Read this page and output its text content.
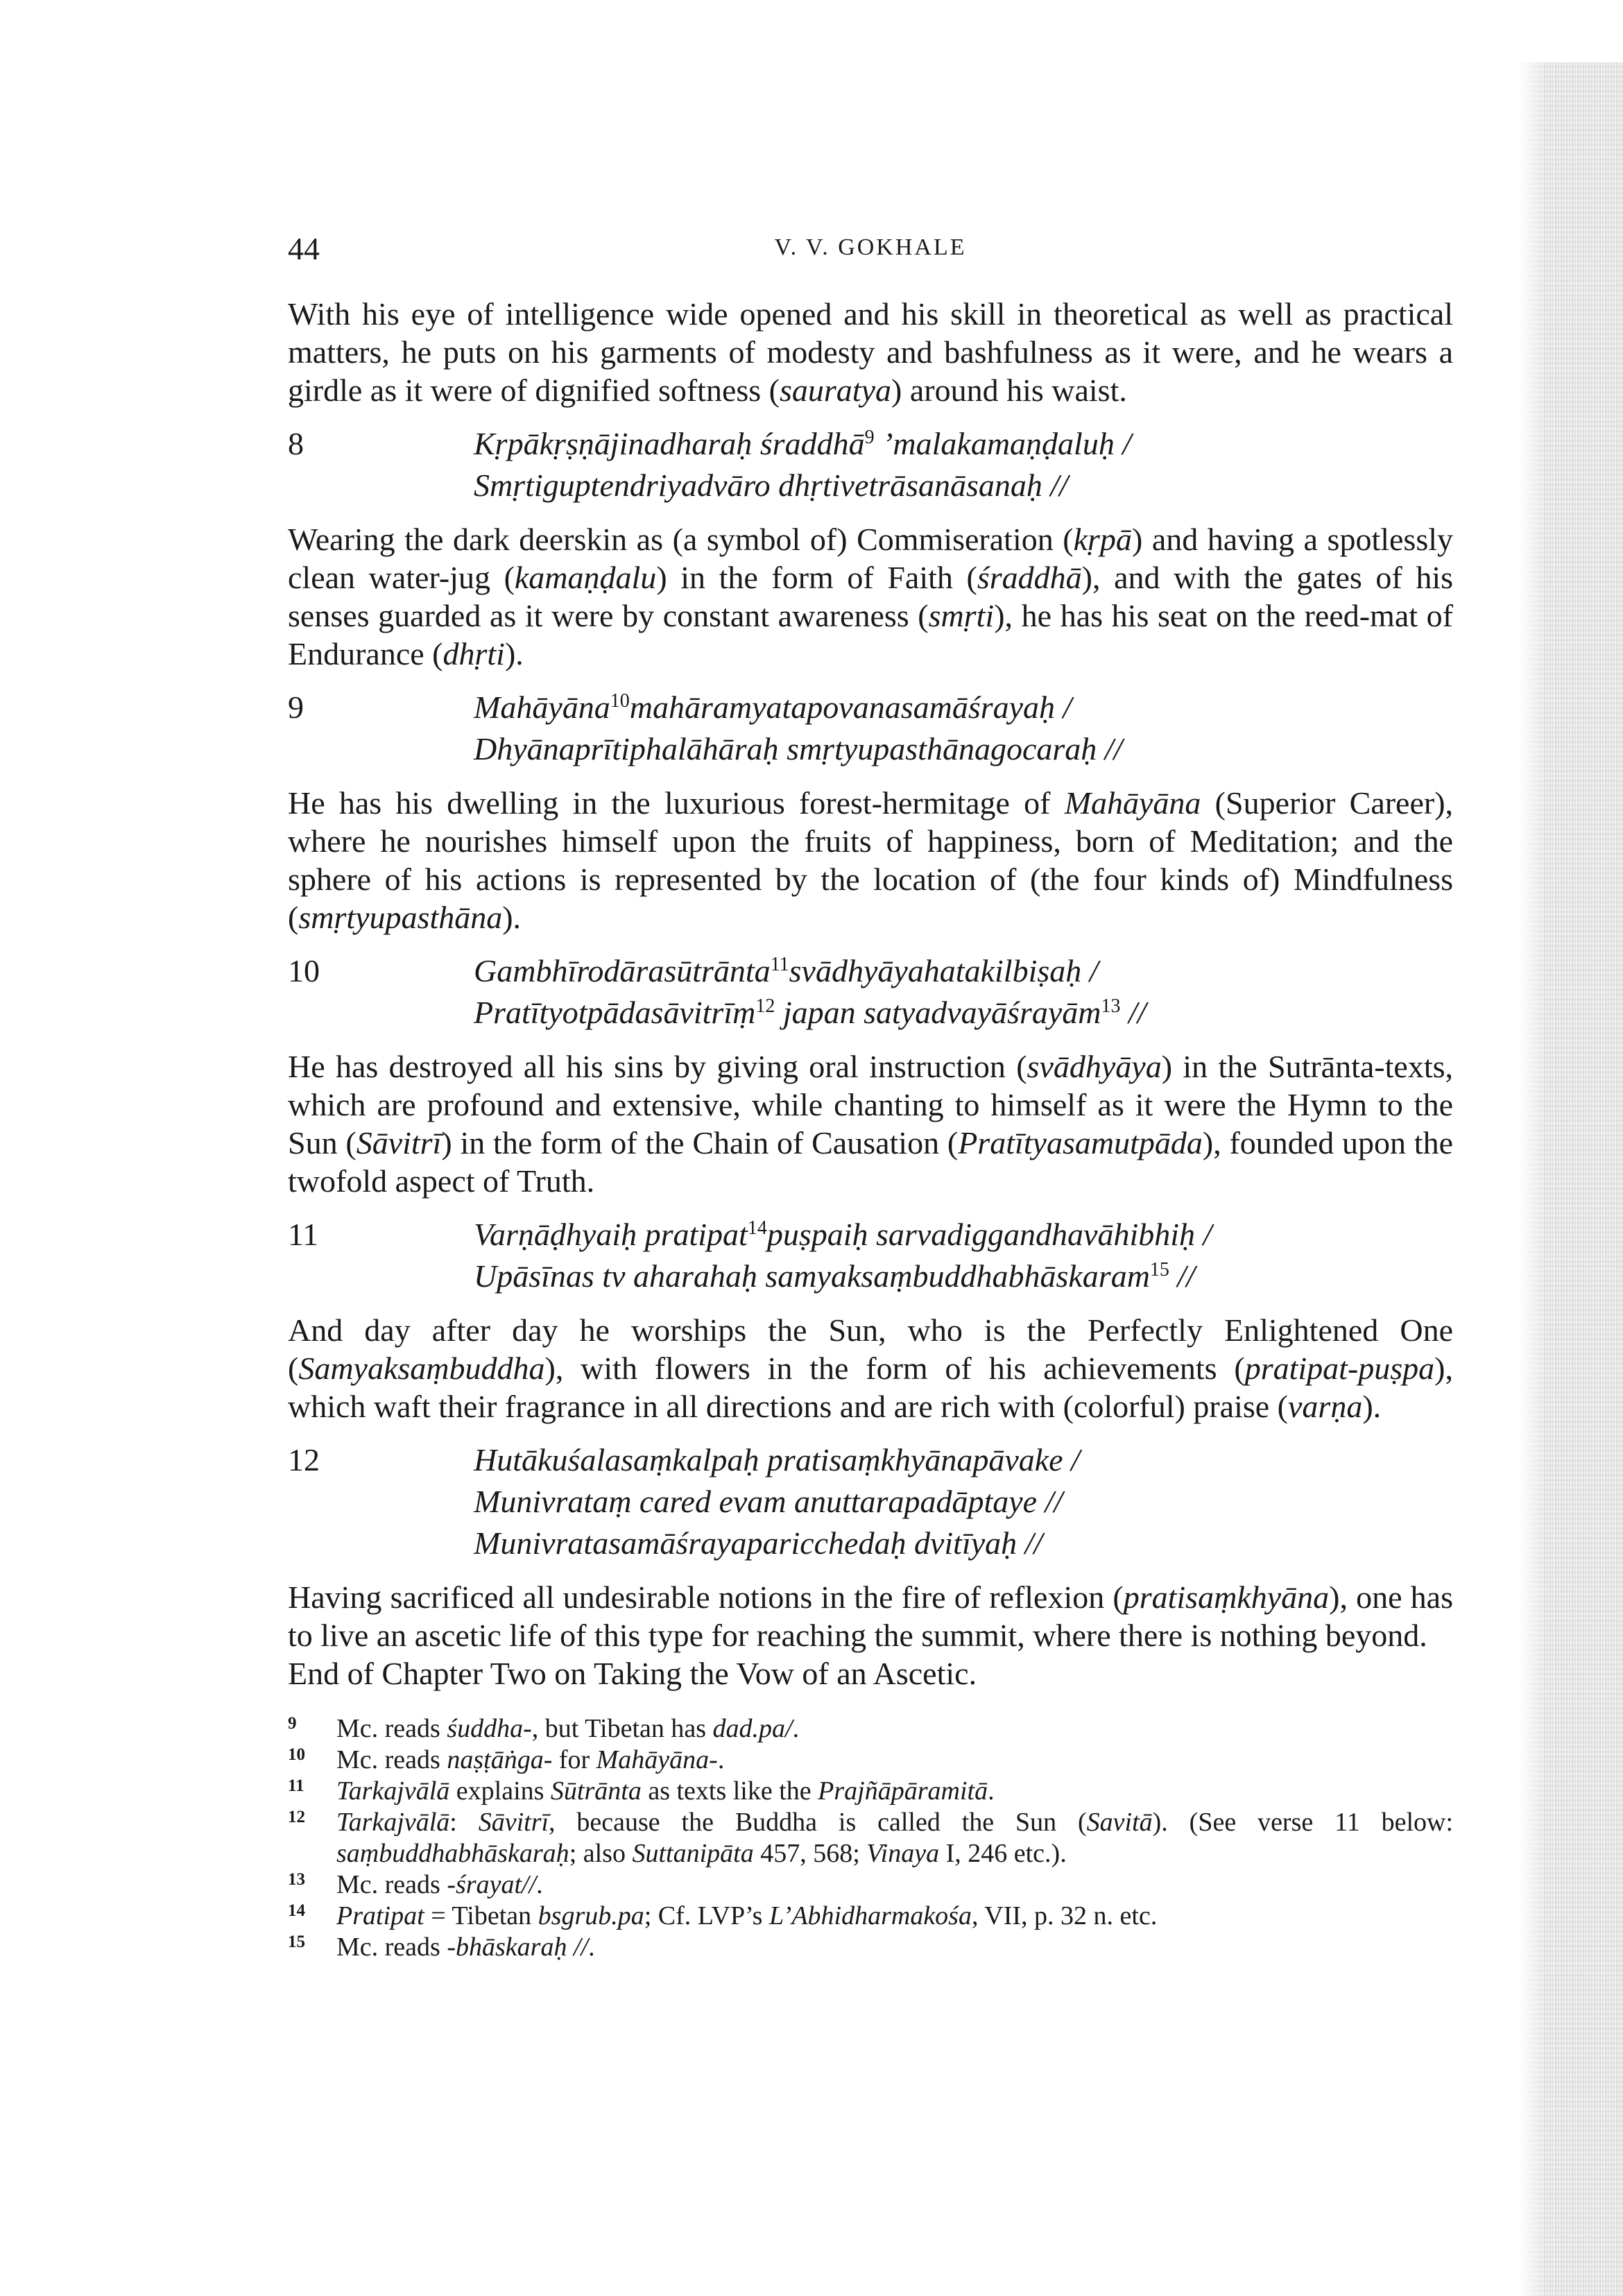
44	V. V. GOKHALE

With his eye of intelligence wide opened and his skill in theoretical as well as practical matters, he puts on his garments of modesty and bashfulness as it were, and he wears a girdle as it were of dignified softness (sauratya) around his waist.

8	Kṛpākṛṣṇājinadharaḥ śraddhā$^9$ ’malakamaṇḍaluḥ /
Smṛtiguptendriyadvāro dhṛtivetrāsanāsanaḥ //

Wearing the dark deerskin as (a symbol of) Commiseration (kṛpā) and having a spotlessly clean water-jug (kamaṇḍalu) in the form of Faith (śraddhā), and with the gates of his senses guarded as it were by constant awareness (smṛti), he has his seat on the reed-mat of Endurance (dhṛti).

9	Mahāyāna$^{10}$mahāramyatapovanasamāśrayaḥ /
Dhyānaprītiphalāhāraḥ smṛtyupasthānagocaraḥ //

He has his dwelling in the luxurious forest-hermitage of Mahāyāna (Superior Career), where he nourishes himself upon the fruits of happiness, born of Meditation; and the sphere of his actions is represented by the location of (the four kinds of) Mindfulness (smṛtyupasthāna).

10	Gambhīrodārasūtrānta$^{11}$svādhyāyahatakilbiṣaḥ /
Pratītyotpādasāvitrīṃ$^{12}$ japan satyadvayāśrayām$^{13}$ //

He has destroyed all his sins by giving oral instruction (svādhyāya) in the Sutrānta-texts, which are profound and extensive, while chanting to himself as it were the Hymn to the Sun (Sāvitrī) in the form of the Chain of Causation (Pratītyasamutpāda), founded upon the twofold aspect of Truth.

11	Varṇāḍhyaiḥ pratipat$^{14}$puṣpaiḥ sarvadiggandhavāhibhiḥ /
Upāsīnas tv aharahaḥ samyaksaṃbuddhabhāskaram$^{15}$ //

And day after day he worships the Sun, who is the Perfectly Enlightened One (Samyaksaṃbuddha), with flowers in the form of his achievements (pratipat-puṣpa), which waft their fragrance in all directions and are rich with (colorful) praise (varṇa).

12	Hutākuśalasaṃkalpaḥ pratisaṃkhyānapāvake /
Munivrataṃ cared evam anuttarapadāptaye //
Munivratasamāśrayaparicchedaḥ dvitīyaḥ //

Having sacrificed all undesirable notions in the fire of reflexion (pratisaṃkhyāna), one has to live an ascetic life of this type for reaching the summit, where there is nothing beyond.

End of Chapter Two on Taking the Vow of an Ascetic.

9 Mc. reads śuddha-, but Tibetan has dad.pa/.
10 Mc. reads naṣṭāṅga- for Mahāyāna-.
11 Tarkajvālā explains Sūtrānta as texts like the Prajñāpāramitā.
12 Tarkajvālā: Sāvitrī, because the Buddha is called the Sun (Savitā). (See verse 11 below: saṃbuddhabhāskaraḥ; also Suttanipāta 457, 568; Vinaya I, 246 etc.).
13 Mc. reads -śrayat//.
14 Pratipat = Tibetan bsgrub.pa; Cf. LVP’s L’Abhidharmakośa, VII, p. 32 n. etc.
15 Mc. reads -bhāskaraḥ //.
